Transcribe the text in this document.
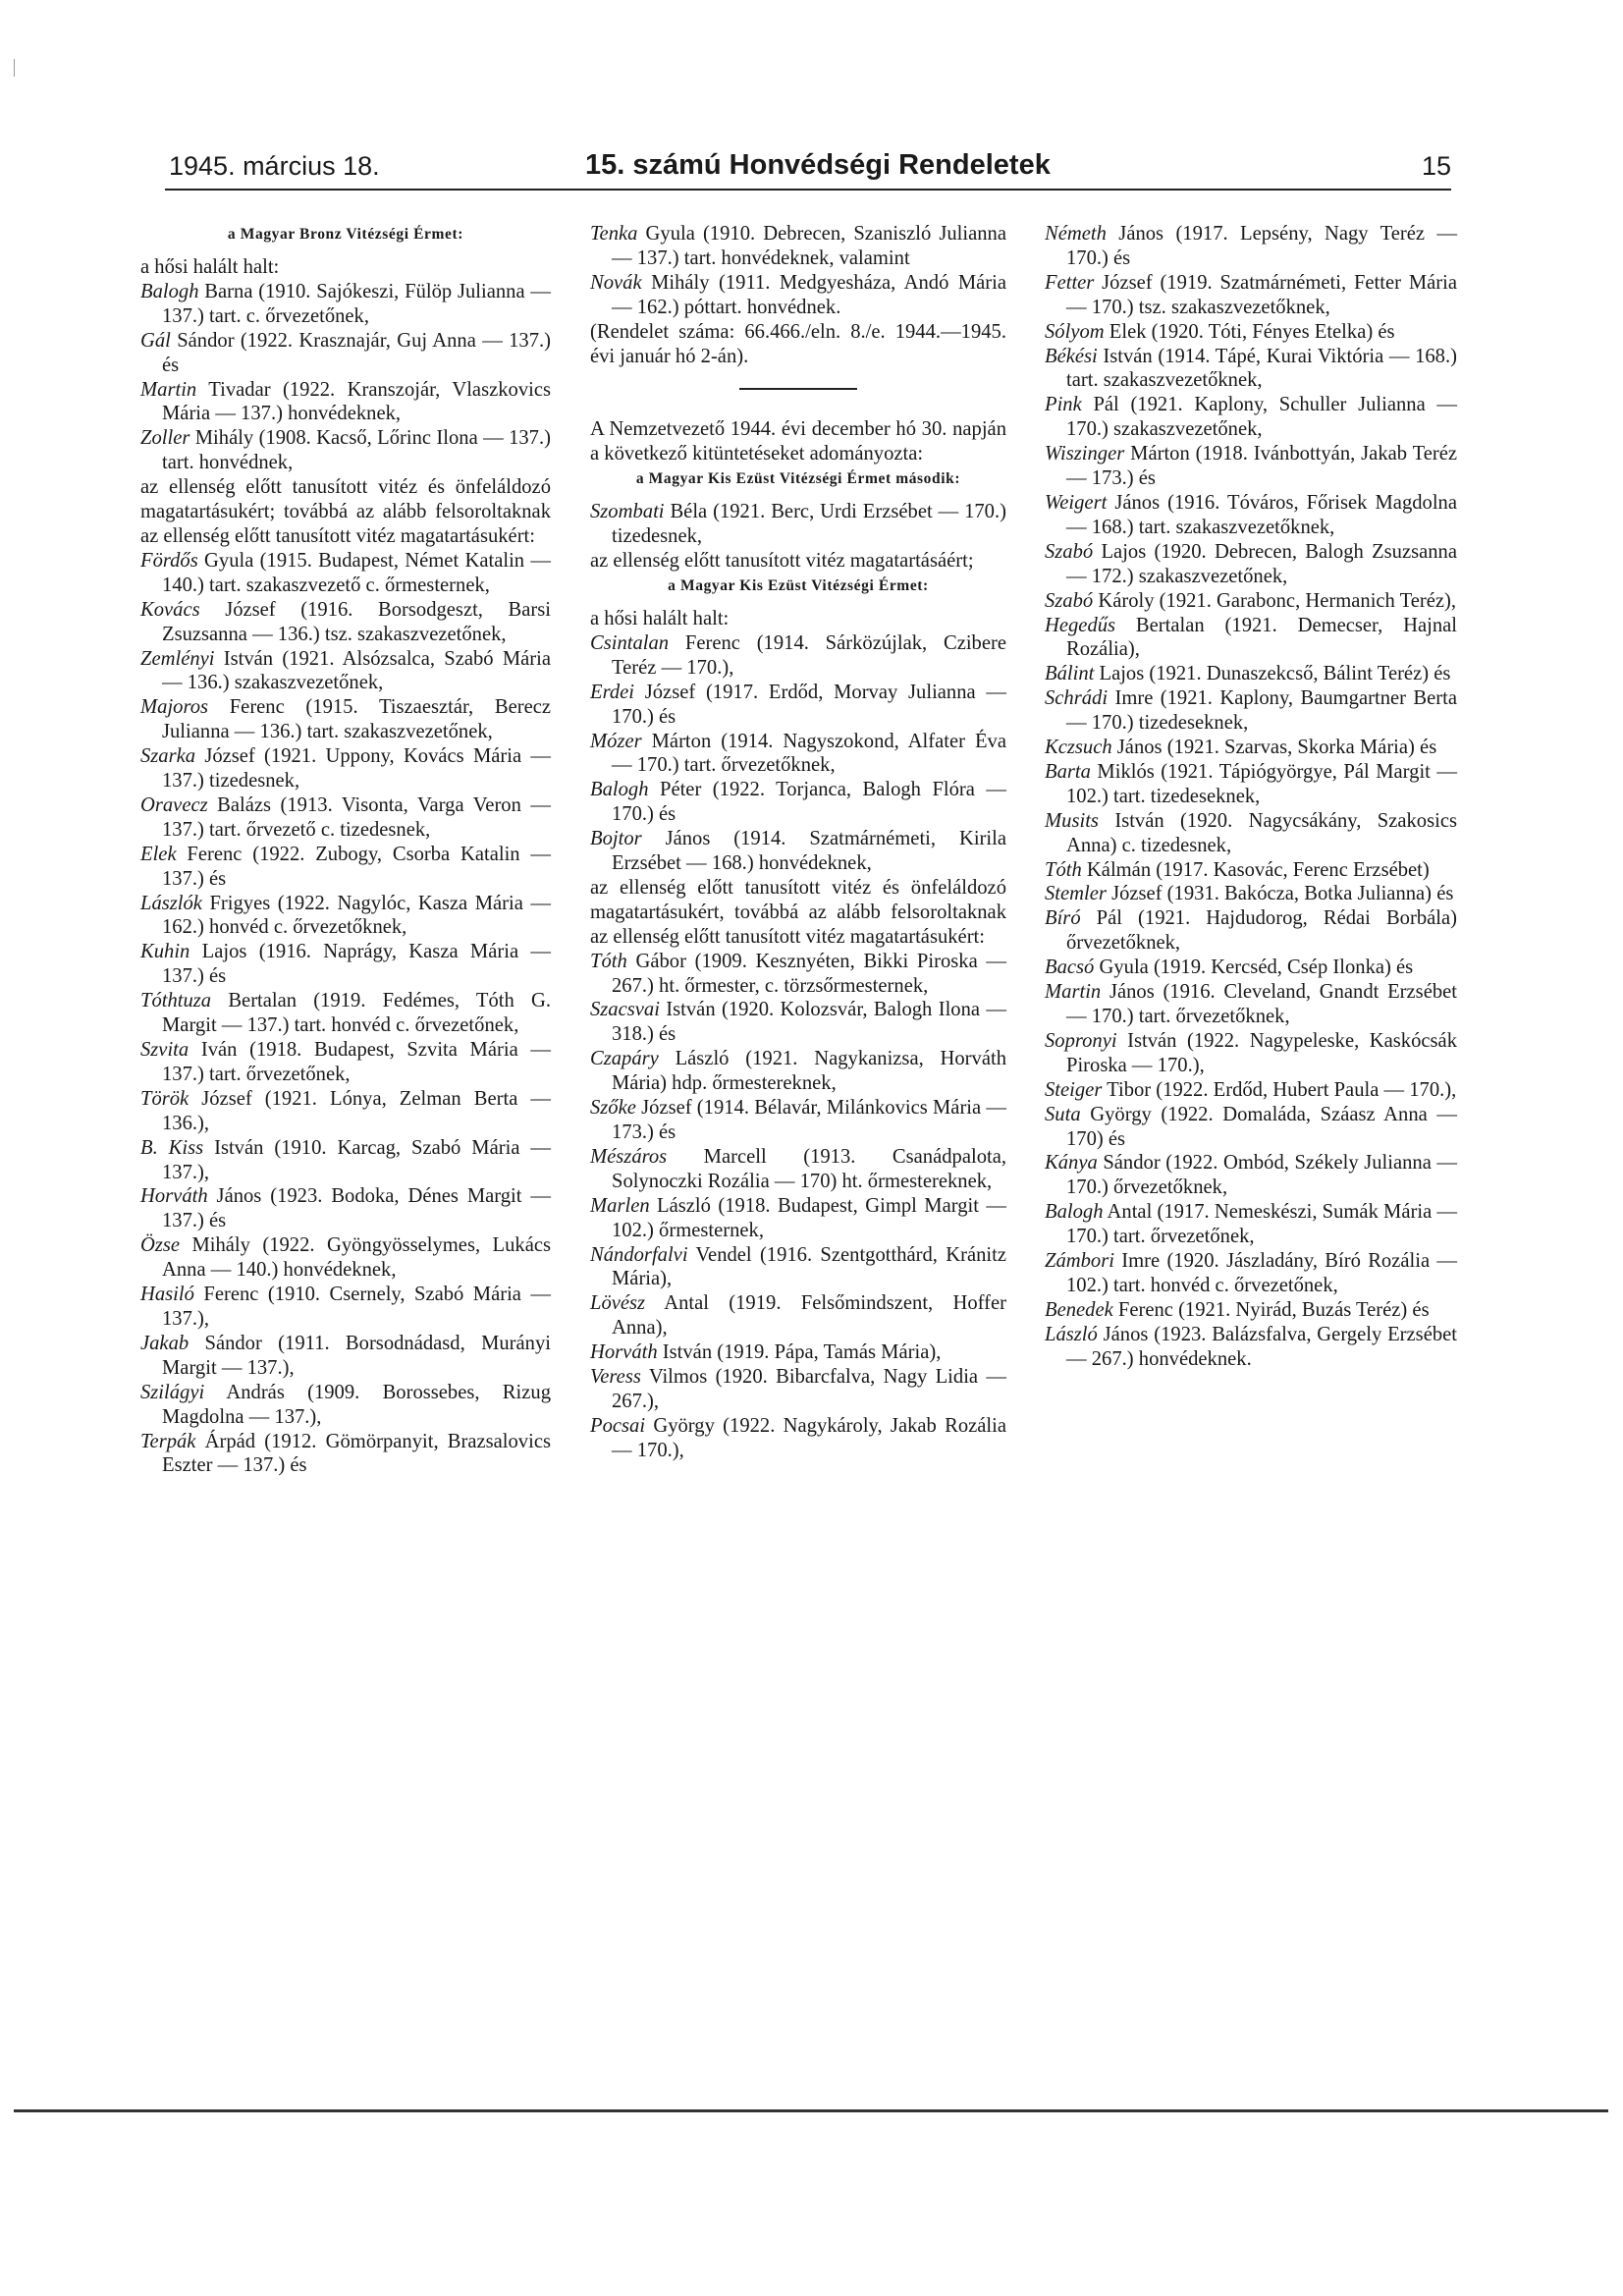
1945. március 18.	15. számú Honvédségi Rendeletek	15

a Magyar Bronz Vitézségi Érmet:

a hősi halált halt:

Balogh Barna (1910. Sajókeszi, Fülöp Julianna — 137.) tart. c. őrvezetőnek,

Gál Sándor (1922. Krasznajár, Guj Anna — 137.) és

Martin Tivadar (1922. Kranszojár, Vlaszkovics Mária — 137.) honvédeknek,

Zoller Mihály (1908. Kacső, Lőrinc Ilona — 137.) tart. honvédnek,

az ellenség előtt tanusított vitéz és önfeláldozó magatartásukért; továbbá az alább felsoroltaknak az ellenség előtt tanusított vitéz magatartásukért:

Fördős Gyula (1915. Budapest, Német Katalin — 140.) tart. szakaszvezető c. őrmesternek,

Kovács József (1916. Borsodgeszt, Barsi Zsuzsanna — 136.) tsz. szakaszvezetőnek,

Zemlényi István (1921. Alsózsalca, Szabó Mária — 136.) szakaszvezetőnek,

Majoros Ferenc (1915. Tiszaesztár, Berecz Julianna — 136.) tart. szakaszvezetőnek,

Szarka József (1921. Uppony, Kovács Mária — 137.) tizedesnek,

Oravecz Balázs (1913. Visonta, Varga Veron — 137.) tart. őrvezető c. tizedesnek,

Elek Ferenc (1922. Zubogy, Csorba Katalin — 137.) és

Lászlók Frigyes (1922. Nagylóc, Kasza Mária — 162.) honvéd c. őrvezetőknek,

Kuhin Lajos (1916. Naprágy, Kasza Mária — 137.) és

Tóthtuza Bertalan (1919. Fedémes, Tóth G. Margit — 137.) tart. honvéd c. őrvezetőnek,

Szvita Iván (1918. Budapest, Szvita Mária — 137.) tart. őrvezetőnek,

Török József (1921. Lónya, Zelman Berta — 136.),

B. Kiss István (1910. Karcag, Szabó Mária — 137.),

Horváth János (1923. Bodoka, Dénes Margit — 137.) és

Özse Mihály (1922. Gyöngyösselymes, Lukács Anna — 140.) honvédeknek,

Hasiló Ferenc (1910. Csernely, Szabó Mária — 137.),

Jakab Sándor (1911. Borsodnádasd, Murányi Margit — 137.),

Szilágyi András (1909. Borossebes, Rizug Magdolna — 137.),

Terpák Árpád (1912. Gömörpanyit, Brazsalovics Eszter — 137.) és

Tenka Gyula (1910. Debrecen, Szaniszló Julianna — 137.) tart. honvédeknek, valamint

Novák Mihály (1911. Medgyesháza, Andó Mária — 162.) póttart. honvédnek.

(Rendelet száma: 66.466./eln. 8./e. 1944.—1945. évi január hó 2-án).

A Nemzetvezető 1944. évi december hó 30. napján a következő kitüntetéseket adományozta:

a Magyar Kis Ezüst Vitézségi Érmet második:

Szombati Béla (1921. Berc, Urdi Erzsébet — 170.) tizedesnek,

az ellenség előtt tanusított vitéz magatartásáért;

a Magyar Kis Ezüst Vitézségi Érmet:

a hősi halált halt:

Csintalan Ferenc (1914. Sárközújlak, Czibere Teréz — 170.),

Erdei József (1917. Erdőd, Morvay Julianna — 170.) és

Mózer Márton (1914. Nagyszokond, Alfater Éva — 170.) tart. őrvezetőknek,

Balogh Péter (1922. Torjanca, Balogh Flóra — 170.) és

Bojtor János (1914. Szatmárnémeti, Kirila Erzsébet — 168.) honvédeknek,

az ellenség előtt tanusított vitéz és önfeláldozó magatartásukért, továbbá az alább felsoroltaknak az ellenség előtt tanusított vitéz magatartásukért:

Tóth Gábor (1909. Kesznyéten, Bikki Piroska — 267.) ht. őrmester, c. törzsőrmesternek,

Szacsvai István (1920. Kolozsvár, Balogh Ilona — 318.) és

Czapáry László (1921. Nagykanizsa, Horváth Mária) hdp. őrmestereknek,

Szőke József (1914. Bélavár, Milánkovics Mária — 173.) és

Mészáros Marcell (1913. Csanádpalota, Solynoczki Rozália — 170) ht. őrmestereknek,

Marlen László (1918. Budapest, Gimpl Margit — 102.) őrmesternek,

Nándorfalvi Vendel (1916. Szentgotthárd, Kránitz Mária),

Lövész Antal (1919. Felsőmindszent, Hoffer Anna),

Horváth István (1919. Pápa, Tamás Mária),

Veress Vilmos (1920. Bibarcfalva, Nagy Lidia — 267.),

Pocsai György (1922. Nagykároly, Jakab Rozália — 170.),

Németh János (1917. Lepsény, Nagy Teréz — 170.) és

Fetter József (1919. Szatmárnémeti, Fetter Mária — 170.) tsz. szakaszvezetőknek,

Sólyom Elek (1920. Tóti, Fényes Etelka) és

Békési István (1914. Tápé, Kurai Viktória — 168.) tart. szakaszvezetőknek,

Pink Pál (1921. Kaplony, Schuller Julianna — 170.) szakaszvezetőnek,

Wiszinger Márton (1918. Ivánbottyán, Jakab Teréz — 173.) és

Weigert János (1916. Tóváros, Főrisek Magdolna — 168.) tart. szakaszvezetőknek,

Szabó Lajos (1920. Debrecen, Balogh Zsuzsanna — 172.) szakaszvezetőnek,

Szabó Károly (1921. Garabonc, Hermanich Teréz),

Hegedűs Bertalan (1921. Demecser, Hajnal Rozália),

Bálint Lajos (1921. Dunaszekcső, Bálint Teréz) és

Schrádi Imre (1921. Kaplony, Baumgartner Berta — 170.) tizedeseknek,

Kczsuch János (1921. Szarvas, Skorka Mária) és

Barta Miklós (1921. Tápiógyörgye, Pál Margit — 102.) tart. tizedeseknek,

Musits István (1920. Nagycsákány, Szakosics Anna) c. tizedesnek,

Tóth Kálmán (1917. Kasovác, Ferenc Erzsébet)

Stemler József (1931. Bakócza, Botka Julianna) és

Bíró Pál (1921. Hajdudorog, Rédai Borbála) őrvezetőknek,

Bacsó Gyula (1919. Kercséd, Csép Ilonka) és

Martin János (1916. Cleveland, Gnandt Erzsébet — 170.) tart. őrvezetőknek,

Sopronyi István (1922. Nagypeleske, Kaskócsák Piroska — 170.),

Steiger Tibor (1922. Erdőd, Hubert Paula — 170.),

Suta György (1922. Domaláda, Száasz Anna — 170) és

Kánya Sándor (1922. Ombód, Székely Julianna — 170.) őrvezetőknek,

Balogh Antal (1917. Nemeskészi, Sumák Mária — 170.) tart. őrvezetőnek,

Zámbori Imre (1920. Jászladány, Bíró Rozália — 102.) tart. honvéd c. őrvezetőnek,

Benedek Ferenc (1921. Nyirád, Buzás Teréz) és

László János (1923. Balázsfalva, Gergely Erzsébet — 267.) honvédeknek.
